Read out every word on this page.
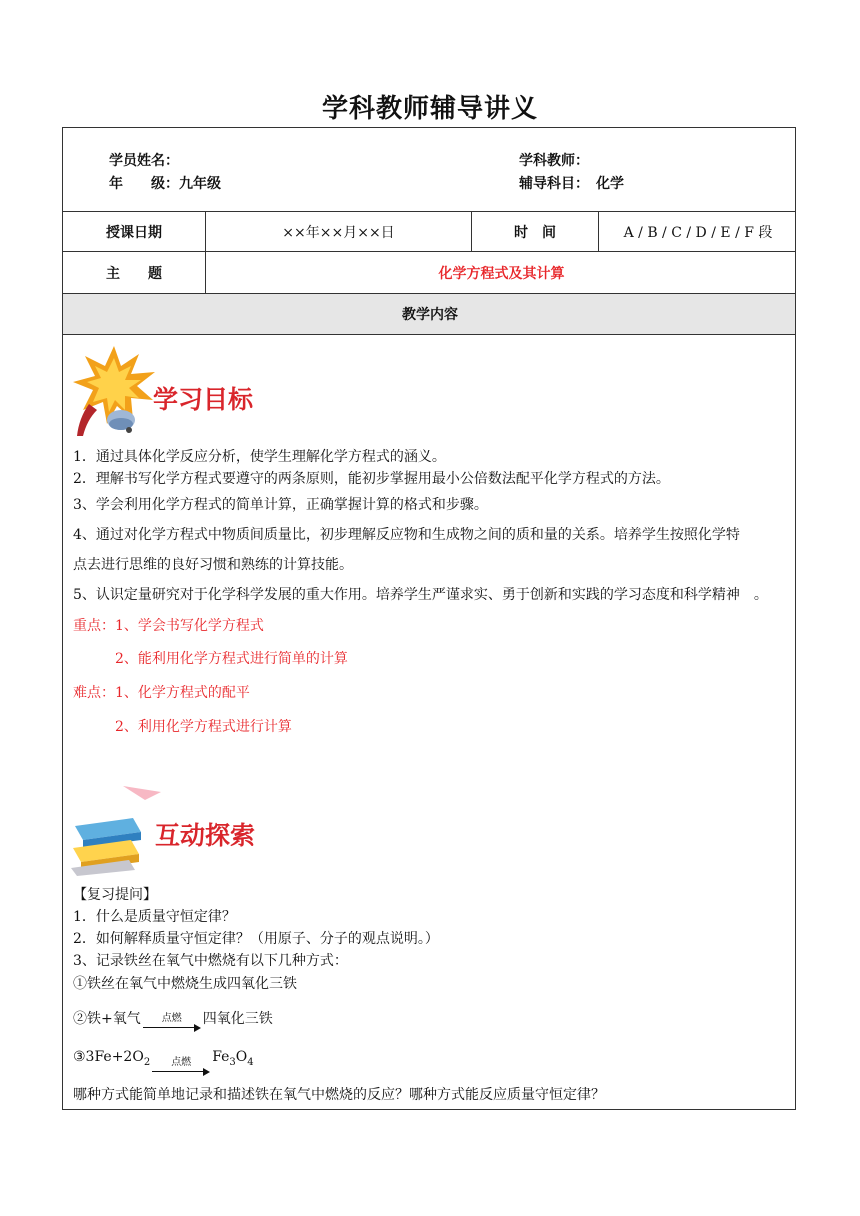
学科教师辅导讲义
学员姓名：	学科教师：
年　　级：九年级	辅导科目：　化学
授课日期	××年××月××日	时　间	A / B / C / D / E / F 段
主　　题	化学方程式及其计算
教学内容
学习目标
1．通过具体化学反应分析，使学生理解化学方程式的涵义。
2．理解书写化学方程式要遵守的两条原则，能初步掌握用最小公倍数法配平化学方程式的方法。
3、学会利用化学方程式的简单计算，正确掌握计算的格式和步骤。
4、通过对化学方程式中物质间质量比，初步理解反应物和生成物之间的质和量的关系。培养学生按照化学特
点去进行思维的良好习惯和熟练的计算技能。
5、认识定量研究对于化学科学发展的重大作用。培养学生严谨求实、勇于创新和实践的学习态度和科学精神　。
重点：1、学会书写化学方程式
2、能利用化学方程式进行简单的计算
难点：1、化学方程式的配平
2、利用化学方程式进行计算
互动探索
【复习提问】
1．什么是质量守恒定律？
2．如何解释质量守恒定律？（用原子、分子的观点说明。）
3、记录铁丝在氧气中燃烧有以下几种方式：
①铁丝在氧气中燃烧生成四氧化三铁
②铁+氧气 点燃 四氧化三铁
$③3Fe+2O_2$ 点燃 $Fe_3O_4$
哪种方式能简单地记录和描述铁在氧气中燃烧的反应？哪种方式能反应质量守恒定律？
